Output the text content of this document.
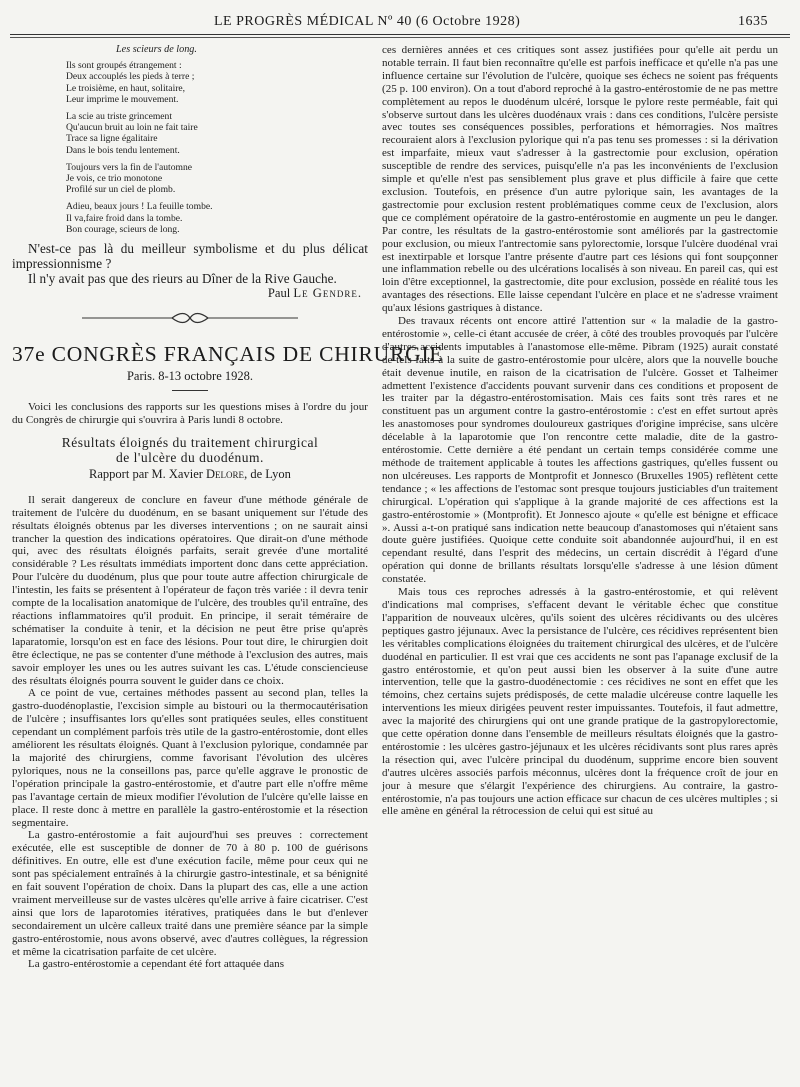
LE PROGRÈS MÉDICAL Nº 40 (6 Octobre 1928)	1635
Les scieurs de long.
Ils sont groupés étrangement :
Deux accouplés les pieds à terre ;
Le troisième, en haut, solitaire,
Leur imprime le mouvement.
La scie au triste grincement
Qu'aucun bruit au loin ne fait taire
Trace sa ligne égalitaire
Dans le bois tendu lentement.
Toujours vers la fin de l'automne
Je vois, ce trio monotone
Profilé sur un ciel de plomb.
Adieu, beaux jours ! La feuille tombe.
Il va,faire froid dans la tombe.
Bon courage, scieurs de long.

N'est-ce pas là du meilleur symbolisme et du plus délicat impressionnisme ?

Il n'y avait pas que des rieurs au Dîner de la Rive Gauche.

Paul Le Gendre.
37e CONGRÈS FRANÇAIS DE CHIRURGIE
Paris. 8-13 octobre 1928.

Voici les conclusions des rapports sur les questions mises à l'ordre du jour du Congrès de chirurgie qui s'ouvrira à Paris lundi 8 octobre.

Résultats éloignés du traitement chirurgical
de l'ulcère du duodénum.
Rapport par M. Xavier Delore, de Lyon

Il serait dangereux de conclure en faveur d'une méthode générale de traitement de l'ulcère du duodénum, en se basant uniquement sur l'étude des résultats éloignés obtenus par les diverses interventions ; on ne saurait ainsi trancher la question des indications opératoires. Que dirait-on d'une méthode qui, avec des résultats éloignés parfaits, serait grevée d'une mortalité considérable ? Les résultats immédiats importent donc dans cette appréciation. Pour l'ulcère du duodénum, plus que pour toute autre affection chirurgicale de l'intestin, les faits se présentent à l'opérateur de façon très variée : il devra tenir compte de la localisation anatomique de l'ulcère, des troubles qu'il entraîne, des réactions inflammatoires qu'il produit. En principe, il serait téméraire de schématiser la conduite à tenir, et la décision ne peut être prise qu'après laparatomie, lorsqu'on est en face des lésions. Pour tout dire, le chirurgien doit être éclectique, ne pas se contenter d'une méthode à l'exclusion des autres, mais savoir employer les unes ou les autres suivant les cas. L'étude consciencieuse des résultats éloignés pourra souvent le guider dans ce choix.

A ce point de vue, certaines méthodes passent au second plan, telles la gastro-duodénoplastie, l'excision simple au bistouri ou la thermocautérisation de l'ulcère ; insuffisantes lors qu'elles sont pratiquées seules, elles constituent cependant un complément parfois très utile de la gastro-entérostomie, dont elles améliorent les résultats éloignés. Quant à l'exclusion pylorique, condamnée par la majorité des chirurgiens, comme favorisant l'évolution des ulcères pyloriques, nous ne la conseillons pas, parce qu'elle aggrave le pronostic de l'opération principale la gastro-entérostomie, et d'autre part elle n'offre même pas l'avantage certain de mieux modifier l'évolution de l'ulcère qu'elle laisse en place. Il reste donc à mettre en parallèle la gastro-entérostomie et la résection segmentaire.

La gastro-entérostomie a fait aujourd'hui ses preuves : correctement exécutée, elle est susceptible de donner de 70 à 80 p. 100 de guérisons définitives. En outre, elle est d'une exécution facile, même pour ceux qui ne sont pas spécialement entraînés à la chirurgie gastro-intestinale, et sa bénignité en fait souvent l'opération de choix. Dans la plupart des cas, elle a une action vraiment merveilleuse sur de vastes ulcères qu'elle arrive à faire cicatriser. C'est ainsi que lors de laparotomies itératives, pratiquées dans le but d'enlever secondairement un ulcère calleux traité dans une première séance par la simple gastro-entérostomie, nous avons observé, avec d'autres collègues, la régression et même la cicatrisation parfaite de cet ulcère.

La gastro-entérostomie a cependant été fort attaquée dans

ces dernières années et ces critiques sont assez justifiées pour qu'elle ait perdu un notable terrain. Il faut bien reconnaître qu'elle est parfois inefficace et qu'elle n'a pas une influence certaine sur l'évolution de l'ulcère, quoique ses échecs ne soient pas fréquents (25 p. 100 environ). On a tout d'abord reproché à la gastro-entérostomie de ne pas mettre complètement au repos le duodénum ulcéré, lorsque le pylore reste perméable, fait qui s'observe surtout dans les ulcères duodénaux vrais : dans ces conditions, l'ulcère persiste avec toutes ses conséquences possibles, perforations et hémorragies. Nos maîtres recouraient alors à l'exclusion pylorique qui n'a pas tenu ses promesses : si la dérivation est imparfaite, mieux vaut s'adresser à la gastrectomie pour exclusion, opération susceptible de rendre des services, puisqu'elle n'a pas les inconvénients de l'exclusion simple et qu'elle n'est pas sensiblement plus grave et plus difficile à faire que cette exclusion. Toutefois, en présence d'un autre pylorique sain, les avantages de la gastrectomie pour exclusion restent problématiques comme ceux de l'exclusion, alors que ce complément opératoire de la gastro-entérostomie en augmente un peu le danger. Par contre, les résultats de la gastro-entérostomie sont améliorés par la gastrectomie pour exclusion, ou mieux l'antrectomie sans pylorectomie, lorsque l'ulcère duodénal vrai est inextirpable et lorsque l'antre présente d'autre part ces lésions qui font soupçonner une inflammation rebelle ou des ulcérations localisés à son niveau. En pareil cas, qui est loin d'être exceptionnel, la gastrectomie, dite pour exclusion, possède en réalité tous les avantages des résections. Elle laisse cependant l'ulcère en place et ne s'adresse vraiment qu'aux lésions gastriques à distance.

Des travaux récents ont encore attiré l'attention sur « la maladie de la gastro-entérostomie », celle-ci étant accusée de créer, à côté des troubles provoqués par l'ulcère d'autres accidents imputables à l'anastomose elle-même. Pibram (1925) aurait constaté de tels faits à la suite de gastro-entérostomie pour ulcère, alors que la nouvelle bouche était devenue inutile, en raison de la cicatrisation de l'ulcère. Gosset et Talheimer admettent l'existence d'accidents pouvant survenir dans ces conditions et proposent de les traiter par la dégastro-entérostomisation. Mais ces faits sont très rares et ne constituent pas un argument contre la gastro-entérostomie : c'est en effet surtout après les anastomoses pour syndromes douloureux gastriques d'origine imprécise, sans ulcère décelable à la laparotomie que l'on rencontre cette maladie, dite de la gastro-entérostomie. Cette dernière a été pendant un certain temps considérée comme une méthode de traitement applicable à toutes les affections gastriques, qu'elles fussent ou non ulcéreuses. Les rapports de Montprofit et Jonnesco (Bruxelles 1905) reflètent cette tendance ; « les affections de l'estomac sont presque toujours justiciables d'un traitement chirurgical. L'opération qui s'applique à la grande majorité de ces affections est la gastro-entérostomie » (Montprofit). Et Jonnesco ajoute « qu'elle est bénigne et efficace ». Aussi a-t-on pratiqué sans indication nette beaucoup d'anastomoses qui n'étaient sans doute guère justifiées. Quoique cette conduite soit abandonnée aujourd'hui, il en est cependant resulté, dans l'esprit des médecins, un certain discrédit à l'égard d'une opération qui donne de brillants résultats lorsqu'elle s'adresse à une lésion dûment constatée.

Mais tous ces reproches adressés à la gastro-entérostomie, et qui relèvent d'indications mal comprises, s'effacent devant le véritable échec que constitue l'apparition de nouveaux ulcères, qu'ils soient des ulcères récidivants ou des ulcères peptiques gastro jéjunaux. Avec la persistance de l'ulcère, ces récidives représentent bien les véritables complications éloignées du traitement chirurgical des ulcères, et de l'ulcère duodénal en particulier. Il est vrai que ces accidents ne sont pas l'apanage exclusif de la gastro entérostomie, et qu'on peut aussi bien les observer à la suite d'une autre intervention, telle que la gastro-duodénectomie : ces récidives ne sont en effet que les témoins, chez certains sujets prédisposés, de cette maladie ulcéreuse contre laquelle les interventions les mieux dirigées peuvent rester impuissantes. Toutefois, il faut admettre, avec la majorité des chirurgiens qui ont une grande pratique de la gastropylorectomie, que cette opération donne dans l'ensemble de meilleurs résultats éloignés que la gastro-entérostomie : les ulcères gastro-jéjunaux et les ulcères récidivants sont plus rares après la résection qui, avec l'ulcère principal du duodénum, supprime encore bien souvent d'autres ulcères associés parfois méconnus, ulcères dont la fréquence croît de jour en jour à mesure que s'élargit l'expérience des chirurgiens. Au contraire, la gastro-entérostomie, n'a pas toujours une action efficace sur chacun de ces ulcères multiples ; si elle amène en général la rétrocession de celui qui est situé au
